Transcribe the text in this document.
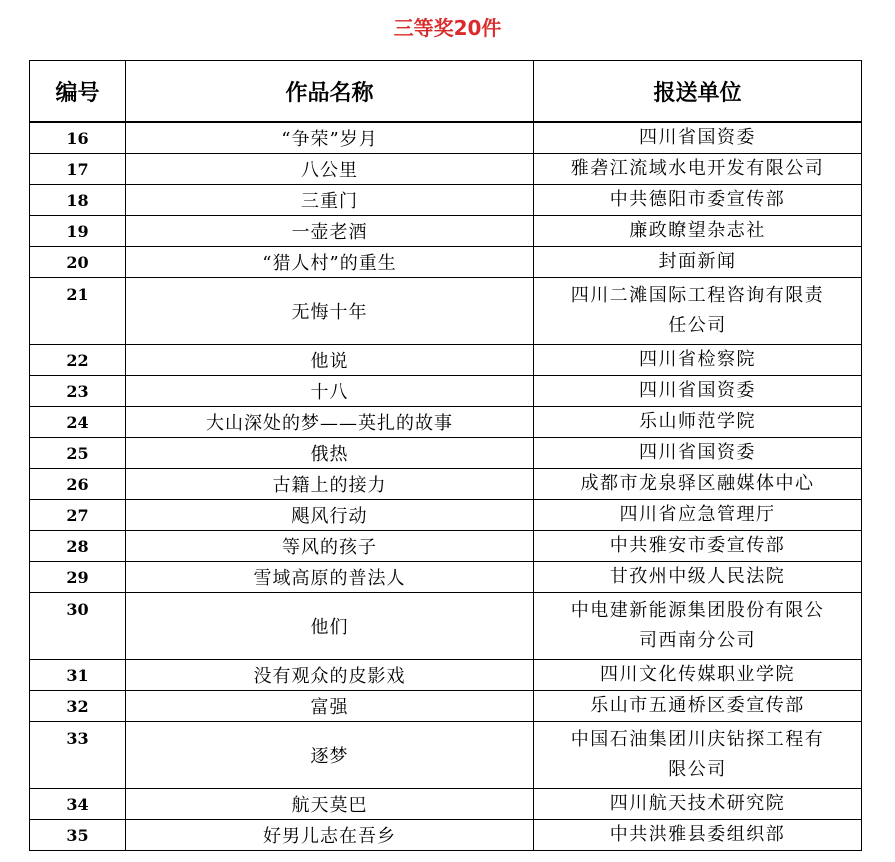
三等奖20件
编号	作品名称	报送单位
16	“争荣”岁月	四川省国资委
17	八公里	雅砻江流域水电开发有限公司
18	三重门	中共德阳市委宣传部
19	一壶老酒	廉政瞭望杂志社
20	“猎人村”的重生	封面新闻
21	无悔十年	四川二滩国际工程咨询有限责任公司

22	他说	四川省检察院
23	十八	四川省国资委
24	大山深处的梦——英扎的故事	乐山师范学院
25	俄热	四川省国资委
26	古籍上的接力	成都市龙泉驿区融媒体中心
27	飓风行动	四川省应急管理厅
28	等风的孩子	中共雅安市委宣传部
29	雪域高原的普法人	甘孜州中级人民法院
30	他们	中电建新能源集团股份有限公司西南分公司

31	没有观众的皮影戏	四川文化传媒职业学院
32	富强	乐山市五通桥区委宣传部
33	逐梦	中国石油集团川庆钻探工程有限公司

34	航天莫巴	四川航天技术研究院
35	好男儿志在吾乡	中共洪雅县委组织部
